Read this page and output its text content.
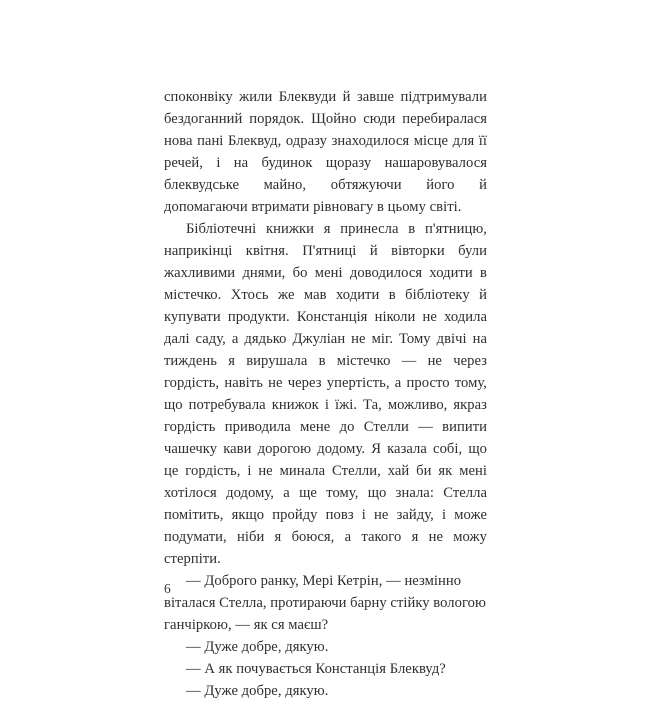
споконвіку жили Блеквуди й завше підтримували бездоганний порядок. Щойно сюди перебиралася нова пані Блеквуд, одразу знаходилося місце для її речей, і на будинок щоразу нашаровувалося блеквудське майно, обтяжуючи його й допомагаючи втримати рівновагу в цьому світі.

Бібліотечні книжки я принесла в п'ятницю, наприкінці квітня. П'ятниці й вівторки були жахливими днями, бо мені доводилося ходити в містечко. Хтось же мав ходити в бібліотеку й купувати продукти. Констанція ніколи не ходила далі саду, а дядько Джуліан не міг. Тому двічі на тиждень я вирушала в містечко — не через гордість, навіть не через упертість, а просто тому, що потребувала книжок і їжі. Та, можливо, якраз гордість приводила мене до Стелли — випити чашечку кави дорогою додому. Я казала собі, що це гордість, і не минала Стелли, хай би як мені хотілося додому, а ще тому, що знала: Стелла помітить, якщо пройду повз і не зайду, і може подумати, ніби я боюся, а такого я не можу стерпіти.

— Доброго ранку, Мері Кетрін, — незмінно віталася Стелла, протираючи барну стійку вологою ганчіркою, — як ся маєш?

— Дуже добре, дякую.

— А як почувається Констанція Блеквуд?

— Дуже добре, дякую.

6
